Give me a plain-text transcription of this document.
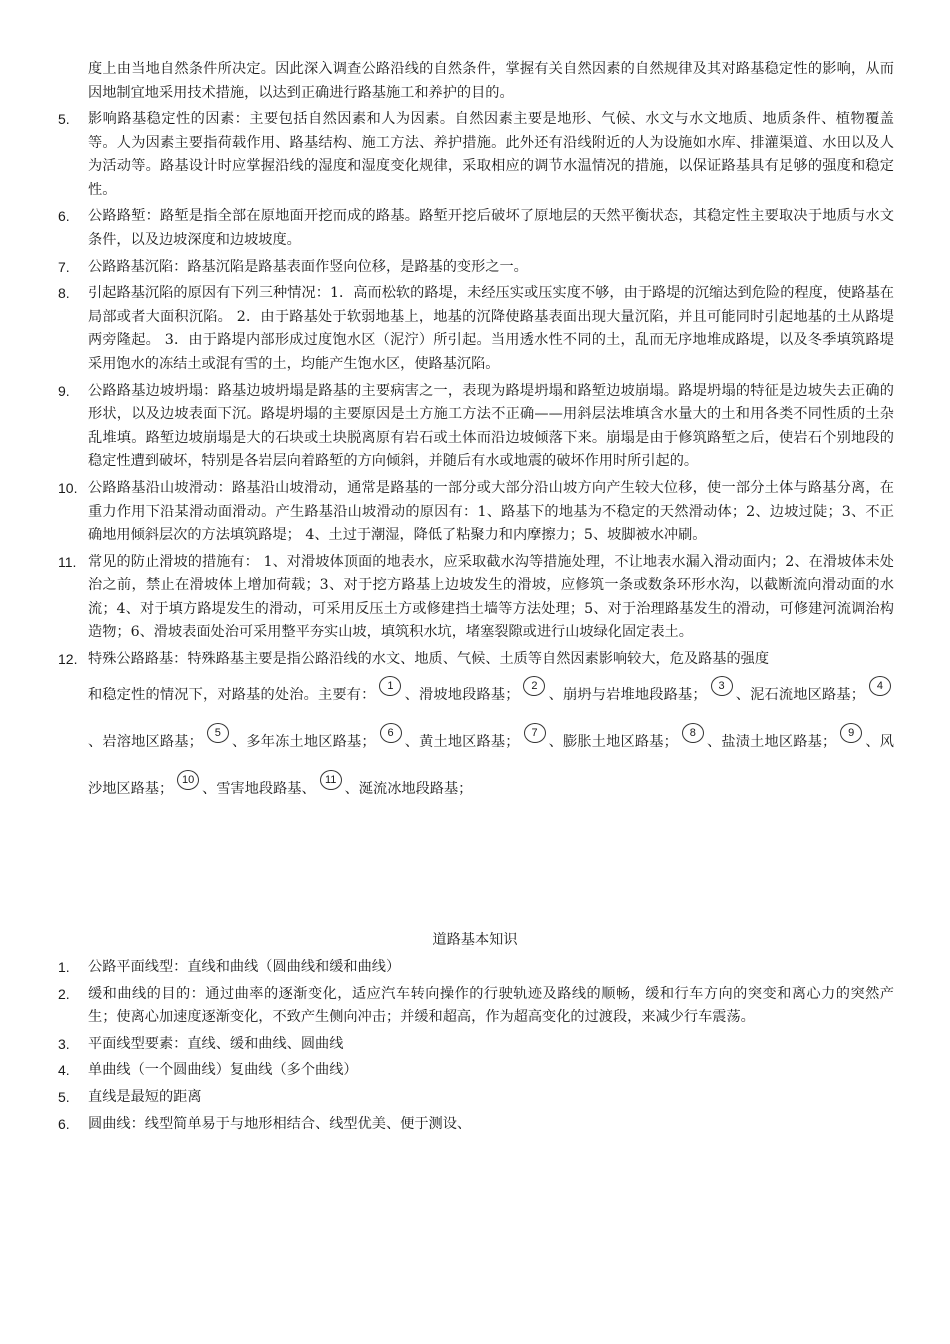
度上由当地自然条件所决定。因此深入调查公路沿线的自然条件，掌握有关自然因素的自然规律及其对路基稳定性的影响，从而因地制宜地采用技术措施，以达到正确进行路基施工和养护的目的。
5.	影响路基稳定性的因素：主要包括自然因素和人为因素。自然因素主要是地形、气候、水文与水文地质、地质条件、植物覆盖等。人为因素主要指荷载作用、路基结构、施工方法、养护措施。此外还有沿线附近的人为设施如水库、排灌渠道、水田以及人为活动等。路基设计时应掌握沿线的湿度和湿度变化规律，采取相应的调节水温情况的措施，以保证路基具有足够的强度和稳定性。
6.	公路路堑：路堑是指全部在原地面开挖而成的路基。路堑开挖后破坏了原地层的天然平衡状态，其稳定性主要取决于地质与水文条件，以及边坡深度和边坡坡度。
7.	公路路基沉陷：路基沉陷是路基表面作竖向位移，是路基的变形之一。
8.	引起路基沉陷的原因有下列三种情况：1．高而松软的路堤，未经压实或压实度不够，由于路堤的沉缩达到危险的程度，使路基在局部或者大面积沉陷。 2．由于路基处于软弱地基上，地基的沉降使路基表面出现大量沉陷，并且可能同时引起地基的土从路堤两旁隆起。 3．由于路堤内部形成过度饱水区（泥泞）所引起。当用透水性不同的土，乱而无序地堆成路堤，以及冬季填筑路堤采用饱水的冻结土或混有雪的土，均能产生饱水区，使路基沉陷。
9.	公路路基边坡坍塌：路基边坡坍塌是路基的主要病害之一，表现为路堤坍塌和路堑边坡崩塌。路堤坍塌的特征是边坡失去正确的形状，以及边坡表面下沉。路堤坍塌的主要原因是土方施工方法不正确——用斜层法堆填含水量大的土和用各类不同性质的土杂乱堆填。路堑边坡崩塌是大的石块或土块脱离原有岩石或土体而沿边坡倾落下来。崩塌是由于修筑路堑之后，使岩石个别地段的稳定性遭到破坏，特别是各岩层向着路堑的方向倾斜，并随后有水或地震的破坏作用时所引起的。
10. 公路路基沿山坡滑动：路基沿山坡滑动，通常是路基的一部分或大部分沿山坡方向产生较大位移，使一部分土体与路基分离，在重力作用下沿某滑动面滑动。产生路基沿山坡滑动的原因有：1、路基下的地基为不稳定的天然滑动体；2、边坡过陡；3、不正确地用倾斜层次的方法填筑路堤； 4、土过于潮湿，降低了粘聚力和内摩擦力；5、坡脚被水冲刷。
11. 常见的防止滑坡的措施有： 1、对滑坡体顶面的地表水，应采取截水沟等措施处理，不让地表水漏入滑动面内；2、在滑坡体未处治之前，禁止在滑坡体上增加荷载；3、对于挖方路基上边坡发生的滑坡，应修筑一条或数条环形水沟，以截断流向滑动面的水流；4、对于填方路堤发生的滑动，可采用反压土方或修建挡土墙等方法处理；5、对于治理路基发生的滑动，可修建河流调治构造物；6、滑坡表面处治可采用整平夯实山坡，填筑积水坑，堵塞裂隙或进行山坡绿化固定表土。
12. 特殊公路路基：特殊路基主要是指公路沿线的水文、地质、气候、土质等自然因素影响较大，危及路基的强度
和稳定性的情况下，对路基的处治。主要有：1、滑坡地段路基；2、崩坍与岩堆地段路基；3、泥石流地区路基；4、岩溶地区路基；5、多年冻土地区路基；6、黄土地区路基；7、膨胀土地区路基；8、盐渍土地区路基；9、风沙地区路基；10、雪害地段路基、11、涎流冰地段路基；
道路基本知识
1.	公路平面线型：直线和曲线（圆曲线和缓和曲线）
2.	缓和曲线的目的：通过曲率的逐渐变化，适应汽车转向操作的行驶轨迹及路线的顺畅，缓和行车方向的突变和离心力的突然产生；使离心加速度逐渐变化，不致产生侧向冲击；并缓和超高，作为超高变化的过渡段，来减少行车震荡。
3.	平面线型要素：直线、缓和曲线、圆曲线
4.	单曲线（一个圆曲线）复曲线（多个曲线）
5.	直线是最短的距离
6.	圆曲线：线型简单易于与地形相结合、线型优美、便于测设、
